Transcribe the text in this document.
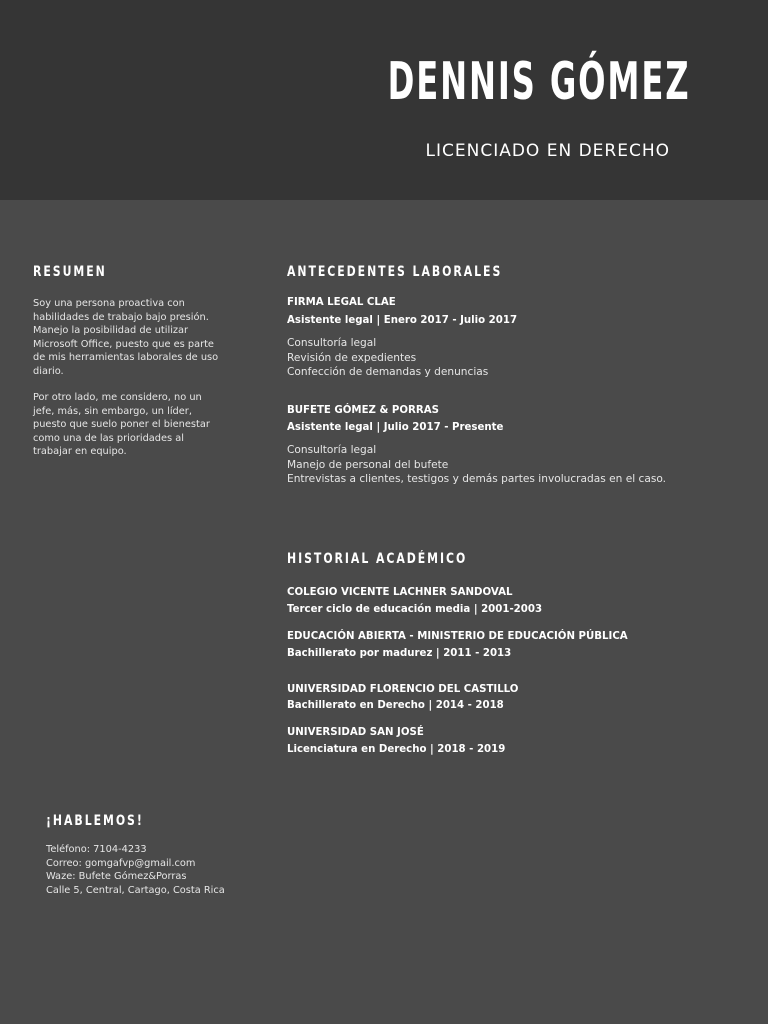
DENNIS GÓMEZ
LICENCIADO EN DERECHO
RESUMEN
Soy una persona proactiva con habilidades de trabajo bajo presión. Manejo la posibilidad de utilizar Microsoft Office, puesto que es parte de mis herramientas laborales de uso diario.
Por otro lado, me considero, no un jefe, más, sin embargo, un líder, puesto que suelo poner el bienestar como una de las prioridades al trabajar en equipo.
ANTECEDENTES LABORALES
FIRMA LEGAL CLAE
Asistente legal | Enero 2017 - Julio 2017
Consultoría legal
Revisión de expedientes
Confección de demandas y denuncias
BUFETE GÓMEZ & PORRAS
Asistente legal | Julio 2017 - Presente
Consultoría legal
Manejo de personal del bufete
Entrevistas a clientes, testigos y demás partes involucradas en el caso.
HISTORIAL ACADÉMICO
COLEGIO VICENTE LACHNER SANDOVAL
Tercer ciclo de educación media | 2001-2003
EDUCACIÓN ABIERTA - MINISTERIO DE EDUCACIÓN PÚBLICA
Bachillerato por madurez | 2011 - 2013
UNIVERSIDAD FLORENCIO DEL CASTILLO
Bachillerato en Derecho | 2014 - 2018
UNIVERSIDAD SAN JOSÉ
Licenciatura en Derecho | 2018 - 2019
¡HABLEMOS!
Teléfono: 7104-4233
Correo: gomgafvp@gmail.com
Waze: Bufete Gómez&Porras
Calle 5, Central, Cartago, Costa Rica
